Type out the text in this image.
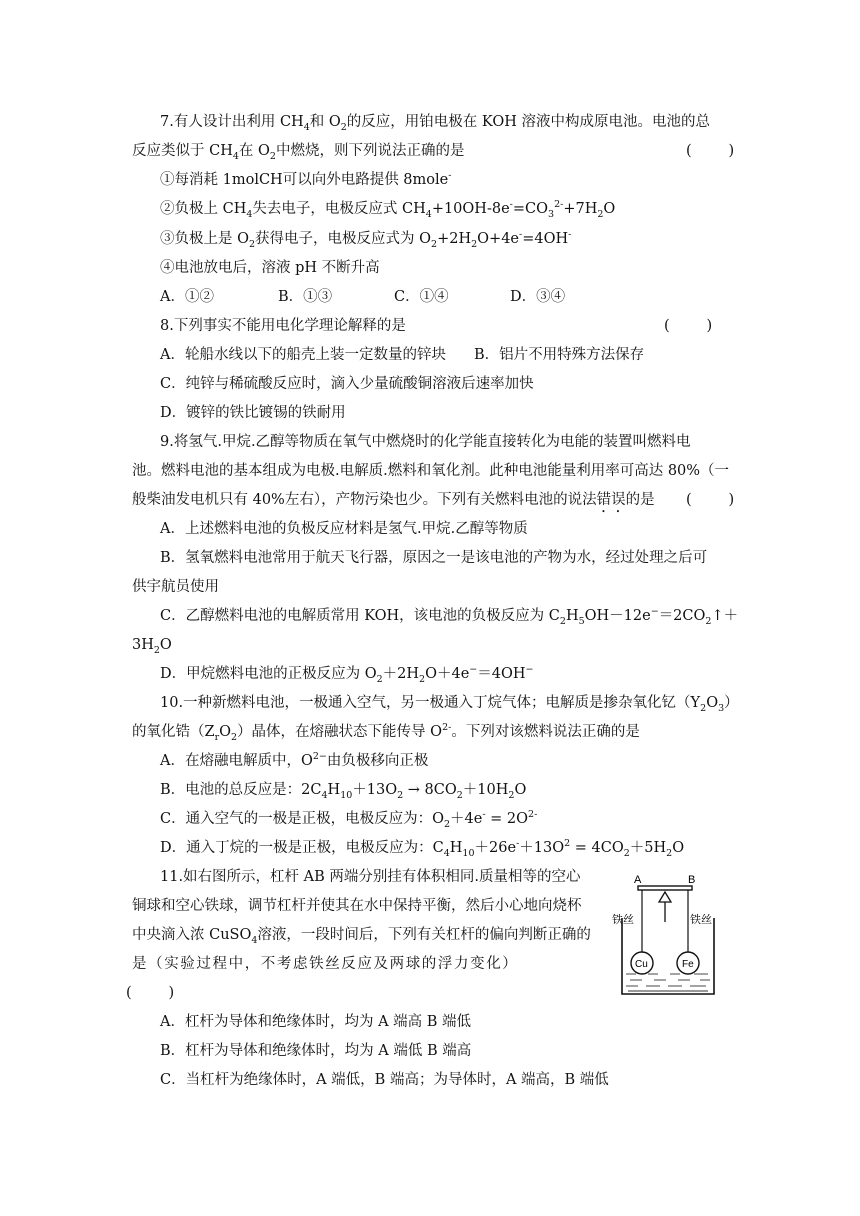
7.有人设计出利用 $CH_4$和 $O_2$的反应，用铂电极在 KOH 溶液中构成原电池。电池的总
反应类似于 $CH_4$在 $O_2$中燃烧，则下列说法正确的是	(        )
①每消耗 1molCH可以向外电路提供 8mole-
②负极上 $CH_4$失去电子，电极反应式 $CH_4+10OH-8e^-=CO_3^{2-}+7H_2O$
③负极上是 $O_2$获得电子，电极反应式为 $O_2+2H_2O+4e^-=4OH^-$
④电池放电后，溶液 pH 不断升高
A．①②	B．①③	C．①④	D．③④
8.下列事实不能用电化学理论解释的是	(        )
A．轮船水线以下的船壳上装一定数量的锌块 B．铝片不用特殊方法保存
C．纯锌与稀硫酸反应时，滴入少量硫酸铜溶液后速率加快
D．镀锌的铁比镀锡的铁耐用
9.将氢气.甲烷.乙醇等物质在氧气中燃烧时的化学能直接转化为电能的装置叫燃料电
池。燃料电池的基本组成为电极.电解质.燃料和氧化剂。此种电池能量利用率可高达 80%（一
般柴油发电机只有 40%左右），产物污染也少。下列有关燃料电池的说法错误的是 (        )
A．上述燃料电池的负极反应材料是氢气.甲烷.乙醇等物质
B．氢氧燃料电池常用于航天飞行器，原因之一是该电池的产物为水，经过处理之后可
供宇航员使用
C．乙醇燃料电池的电解质常用 KOH，该电池的负极反应为 $C_2H_5OH-12e^-=2CO_2↑+$
$3H_2O$
D．甲烷燃料电池的正极反应为 $O_2+2H_2O+4e^-=4OH^-$
10.一种新燃料电池，一极通入空气，另一极通入丁烷气体；电解质是掺杂氧化钇$(Y_2O_3)$
的氧化锆$(Z_rO_2)$晶体，在熔融状态下能传导 $O^{2-}$。下列对该燃料说法正确的是
A．在熔融电解质中，$O^{2-}$由负极移向正极
B．电池的总反应是：$2C_4H_{10}+13O_2 \to 8CO_2+10H_2O$
C．通入空气的一极是正极，电极反应为：$O_2+4e^- = 2O^{2-}$
D．通入丁烷的一极是正极，电极反应为：$C_4H_{10}+26e^-+13O^2 = 4CO_2+5H_2O$
11.如右图所示，杠杆 AB 两端分别挂有体积相同.质量相等的空心
铜球和空心铁球，调节杠杆并使其在水中保持平衡，然后小心地向烧杯
中央滴入浓 CuSO$_4$溶液，一段时间后，下列有关杠杆的偏向判断正确的
是（实验过程中，不考虑铁丝反应及两球的浮力变化）
(        )
A．杠杆为导体和绝缘体时，均为 A 端高 B 端低
B．杠杆为导体和绝缘体时，均为 A 端低 B 端高
C．当杠杆为绝缘体时，A 端低，B 端高；为导体时，A 端高，B 端低
A	B
铁丝	铁丝
Cu	Fe
